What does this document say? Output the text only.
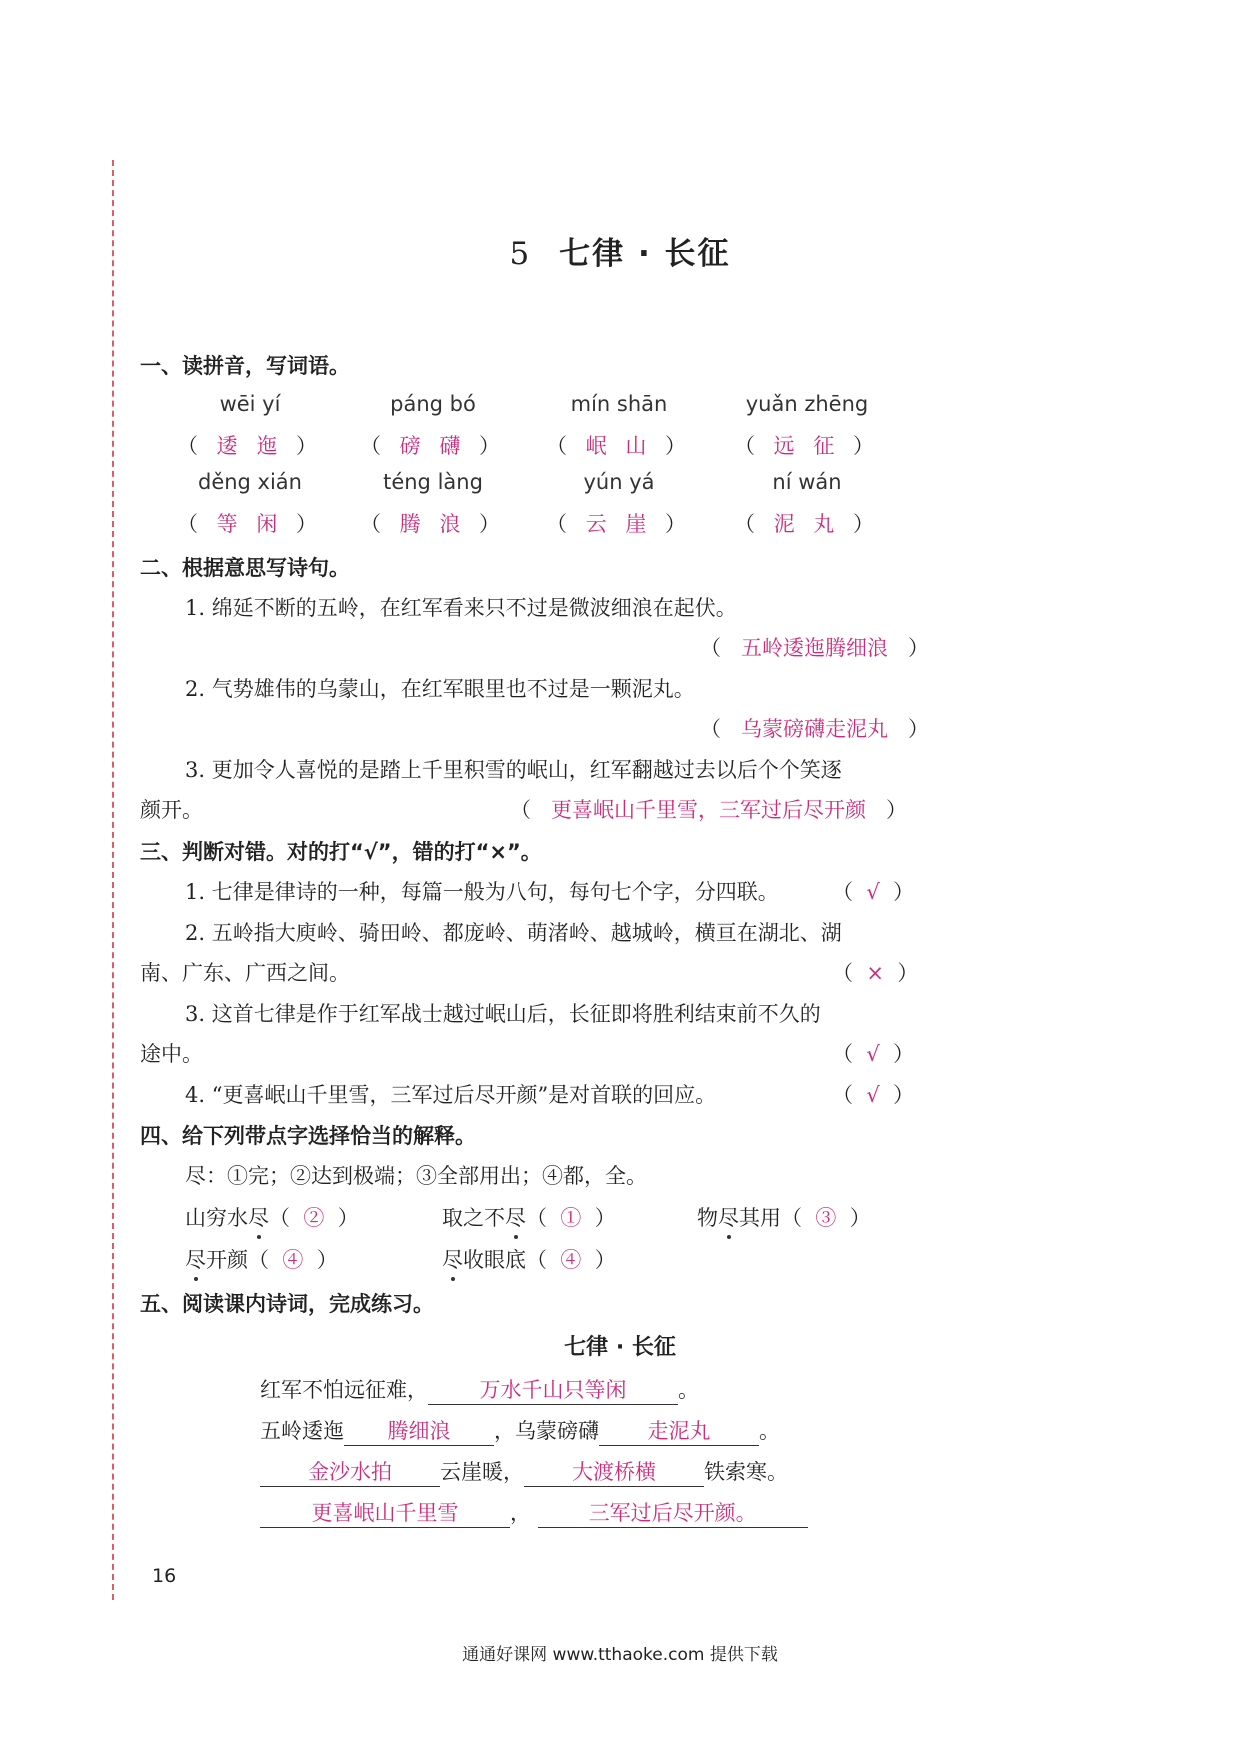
5 七律 · 长征
一、读拼音，写词语。
wēi yí	páng bó	mín shān	yuǎn zhēng
（ 逶 迤 ）	（ 磅 礴 ）	（ 岷 山 ）	（ 远 征 ）
děng xián	téng làng	yún yá	ní wán
（ 等 闲 ）	（ 腾 浪 ）	（ 云 崖 ）	（ 泥 丸 ）
二、根据意思写诗句。
1. 绵延不断的五岭，在红军看来只不过是微波细浪在起伏。
（   五岭逶迤腾细浪   ）
2. 气势雄伟的乌蒙山，在红军眼里也不过是一颗泥丸。
（   乌蒙磅礴走泥丸   ）
3. 更加令人喜悦的是踏上千里积雪的岷山，红军翻越过去以后个个笑逐
颜开。	（   更喜岷山千里雪，三军过后尽开颜   ）
三、判断对错。对的打“√”，错的打“×”。
1. 七律是律诗的一种，每篇一般为八句，每句七个字，分四联。	（  √  ）
2. 五岭指大庾岭、骑田岭、都庞岭、萌渚岭、越城岭，横亘在湖北、湖
南、广东、广西之间。	（  ×  ）
3. 这首七律是作于红军战士越过岷山后，长征即将胜利结束前不久的
途中。	（  √  ）
4. “更喜岷山千里雪，三军过后尽开颜”是对首联的回应。	（  √  ）
四、给下列带点字选择恰当的解释。
尽：①完；②达到极端；③全部用出；④都，全。
山穷水尽（  ②  ）	取之不尽（  ①  ）	物尽其用（  ③  ）
尽开颜（  ④  ）	尽收眼底（  ④  ）
五、阅读课内诗词，完成练习。
七律 · 长征
红军不怕远征难， 万水千山只等闲 。
五岭逶迤 腾细浪 ，乌蒙磅礴 走泥丸 。
金沙水拍 云崖暖， 大渡桥横 铁索寒。
更喜岷山千里雪 ，	三军过后尽开颜。
16
通通好课网 www.tthaoke.com 提供下载
